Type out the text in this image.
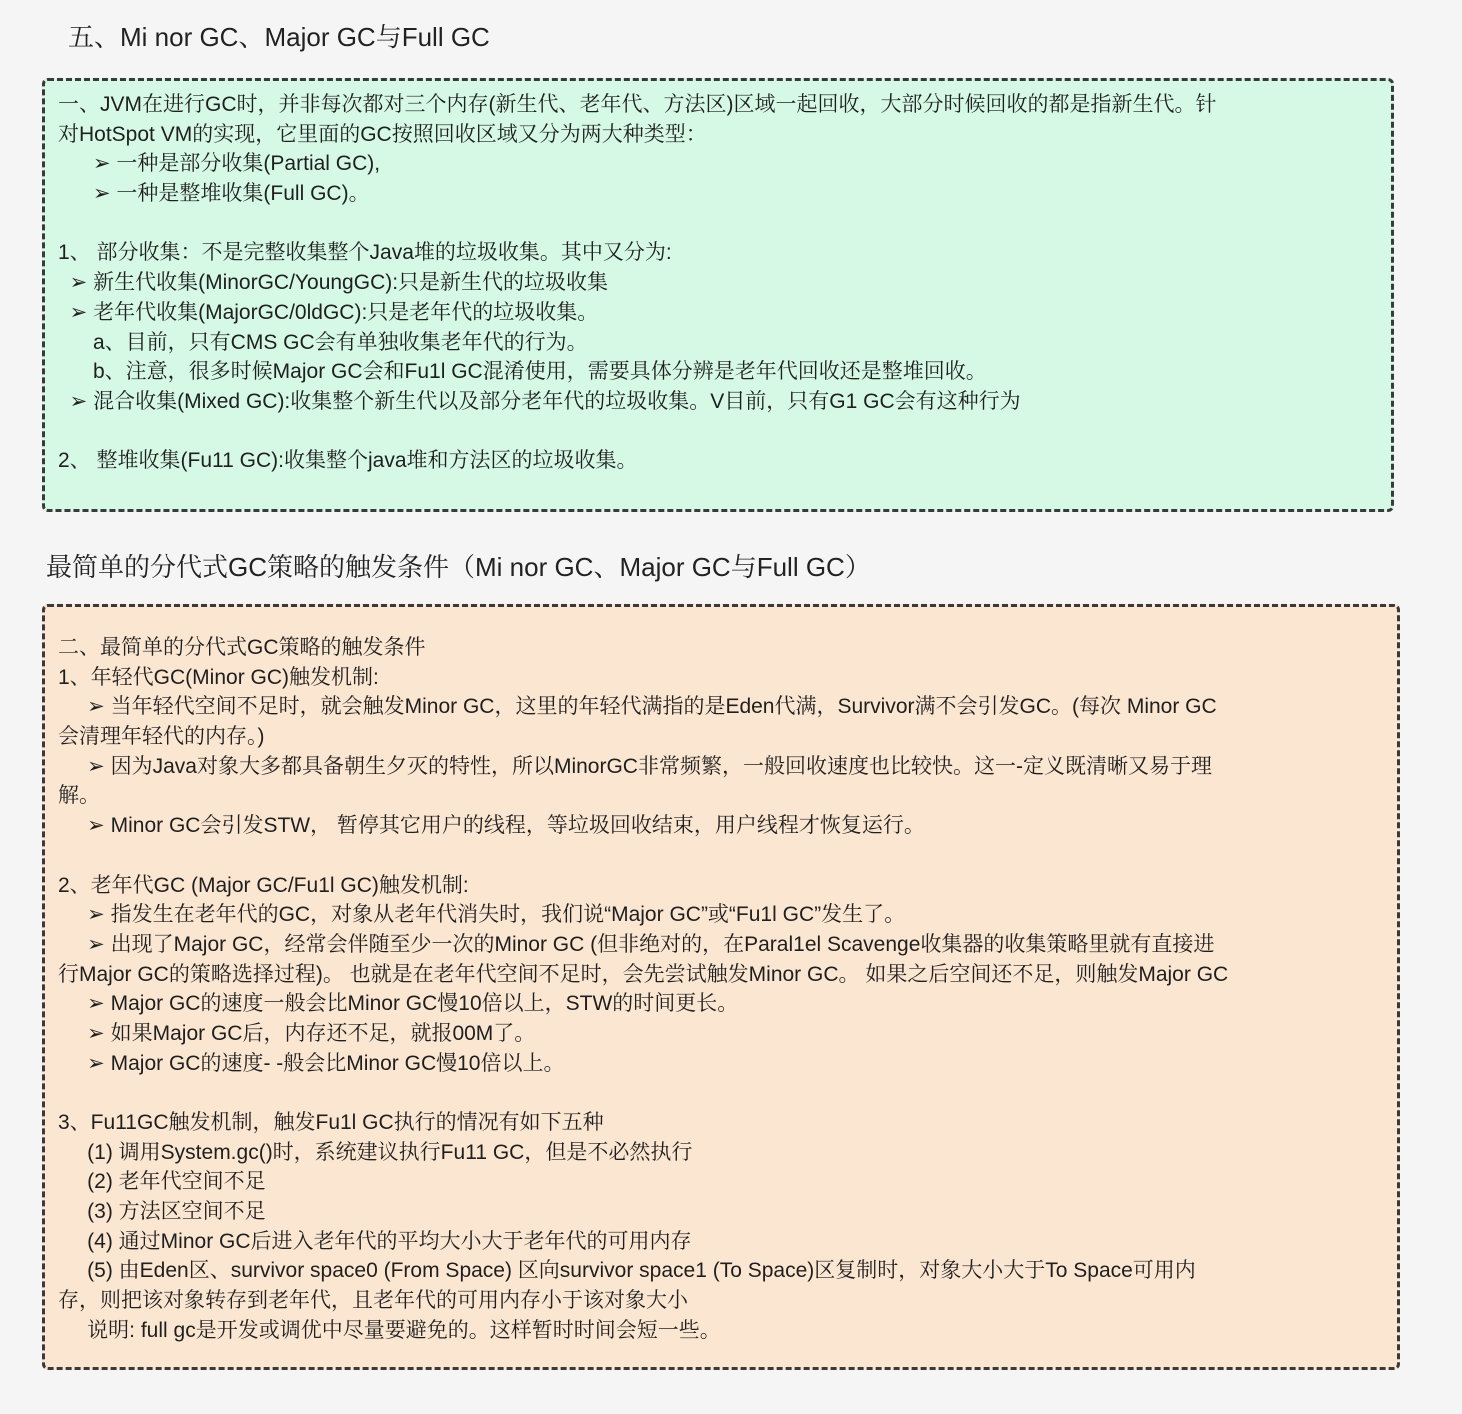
五、Mi nor GC、Major GC与Full GC
一、JVM在进行GC时，并非每次都对三个内存(新生代、老年代、方法区)区域一起回收，大部分时候回收的都是指新生代。针
对HotSpot VM的实现，它里面的GC按照回收区域又分为两大种类型：
➢ 一种是部分收集(Partial GC),
➢ 一种是整堆收集(Full GC)。
1、 部分收集：不是完整收集整个Java堆的垃圾收集。其中又分为:
➢ 新生代收集(MinorGC/YoungGC):只是新生代的垃圾收集
➢ 老年代收集(MajorGC/0ldGC):只是老年代的垃圾收集。
a、目前，只有CMS GC会有单独收集老年代的行为。
b、注意，很多时候Major GC会和Fu1l GC混淆使用，需要具体分辨是老年代回收还是整堆回收。
➢ 混合收集(Mixed GC):收集整个新生代以及部分老年代的垃圾收集。V目前，只有G1 GC会有这种行为
2、 整堆收集(Fu11 GC):收集整个java堆和方法区的垃圾收集。
最简单的分代式GC策略的触发条件（Mi nor GC、Major GC与Full GC）
二、最简单的分代式GC策略的触发条件
1、年轻代GC(Minor GC)触发机制:
➢ 当年轻代空间不足时，就会触发Minor GC，这里的年轻代满指的是Eden代满，Survivor满不会引发GC。(每次 Minor GC
会清理年轻代的内存。)
➢ 因为Java对象大多都具备朝生夕灭的特性，所以MinorGC非常频繁，一般回收速度也比较快。这一-定义既清晰又易于理
解。
➢ Minor GC会引发STW， 暂停其它用户的线程，等垃圾回收结束，用户线程才恢复运行。
2、老年代GC (Major GC/Fu1l GC)触发机制:
➢ 指发生在老年代的GC，对象从老年代消失时，我们说“Major GC”或“Fu1l GC”发生了。
➢ 出现了Major GC，经常会伴随至少一次的Minor GC (但非绝对的，在Paral1el Scavenge收集器的收集策略里就有直接进
行Major GC的策略选择过程)。 也就是在老年代空间不足时，会先尝试触发Minor GC。 如果之后空间还不足，则触发Major GC
➢ Major GC的速度一般会比Minor GC慢10倍以上，STW的时间更长。
➢ 如果Major GC后，内存还不足，就报00M了。
➢ Major GC的速度- -般会比Minor GC慢10倍以上。
3、Fu11GC触发机制，触发Fu1l GC执行的情况有如下五种
(1) 调用System.gc()时，系统建议执行Fu11 GC，但是不必然执行
(2) 老年代空间不足
(3) 方法区空间不足
(4) 通过Minor GC后进入老年代的平均大小大于老年代的可用内存
(5) 由Eden区、survivor space0 (From Space) 区向survivor space1 (To Space)区复制时，对象大小大于To Space可用内
存，则把该对象转存到老年代，且老年代的可用内存小于该对象大小
说明: full gc是开发或调优中尽量要避免的。这样暂时时间会短一些。
